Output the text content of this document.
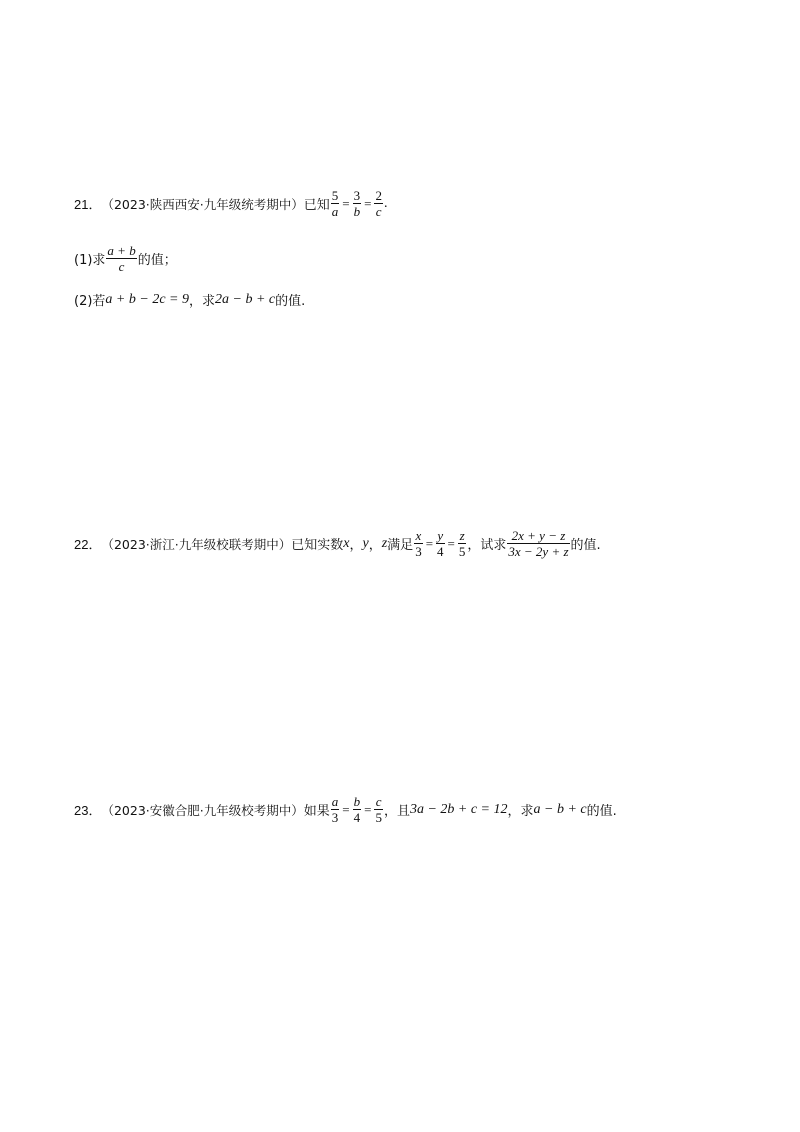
21． （2023·陕西西安·九年级统考期中） 已知 $\frac{5}{a} = \frac{3}{b} = \frac{2}{c}$ .
(1)求 $\frac{a + b}{c}$ 的值；
(2)若 a + b − 2c = 9 ，求 2a − b + c 的值.
22． （2023·浙江·九年级校联考期中） 已知实数 x ， y ， z 满足 $\frac{x}{3} = \frac{y}{4} = \frac{z}{5}$ ，试求 $\frac{2x + y - z}{3x - 2y + z}$ 的值.
23． （2023·安徽合肥·九年级校考期中） 如果 $\frac{a}{3} = \frac{b}{4} = \frac{c}{5}$ ，且 3a − 2b + c = 12 ，求 a − b + c 的值.
